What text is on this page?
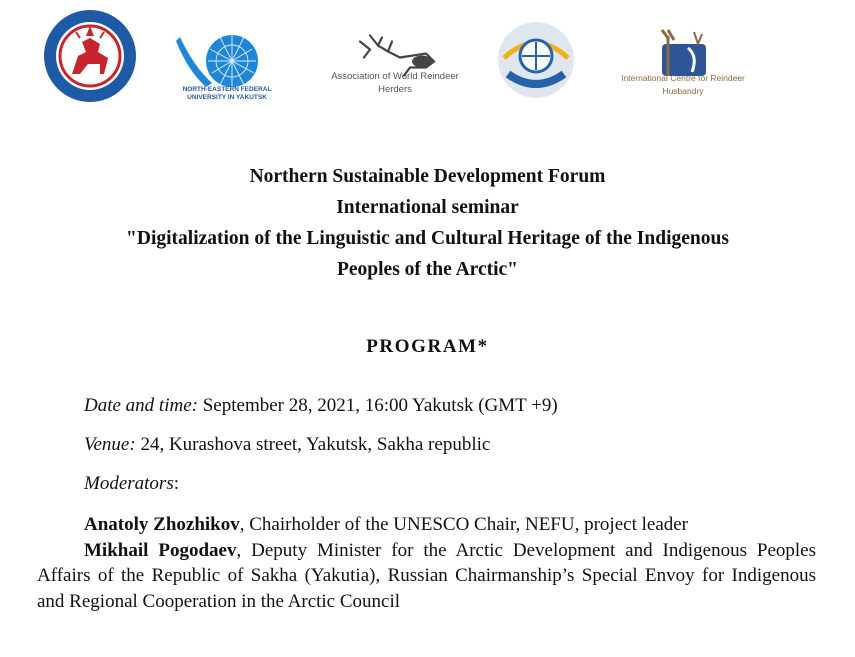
NORTH-EASTERN FEDERAL UNIVERSITY IN YAKUTSK
Association of World Reindeer Herders
International Centre for Reindeer Husbandry
Northern Sustainable Development Forum
International seminar
"Digitalization of the Linguistic and Cultural Heritage of the Indigenous
Peoples of the Arctic"
PROGRAM*
Date and time: September 28, 2021, 16:00 Yakutsk (GMT +9)
Venue: 24, Kurashova street, Yakutsk, Sakha republic
Moderators:

Anatoly Zhozhikov, Chairholder of the UNESCO Chair, NEFU, project leader

Mikhail Pogodaev, Deputy Minister for the Arctic Development and Indigenous Peoples Affairs of the Republic of Sakha (Yakutia), Russian Chairmanship’s Special Envoy for Indigenous and Regional Cooperation in the Arctic Council
